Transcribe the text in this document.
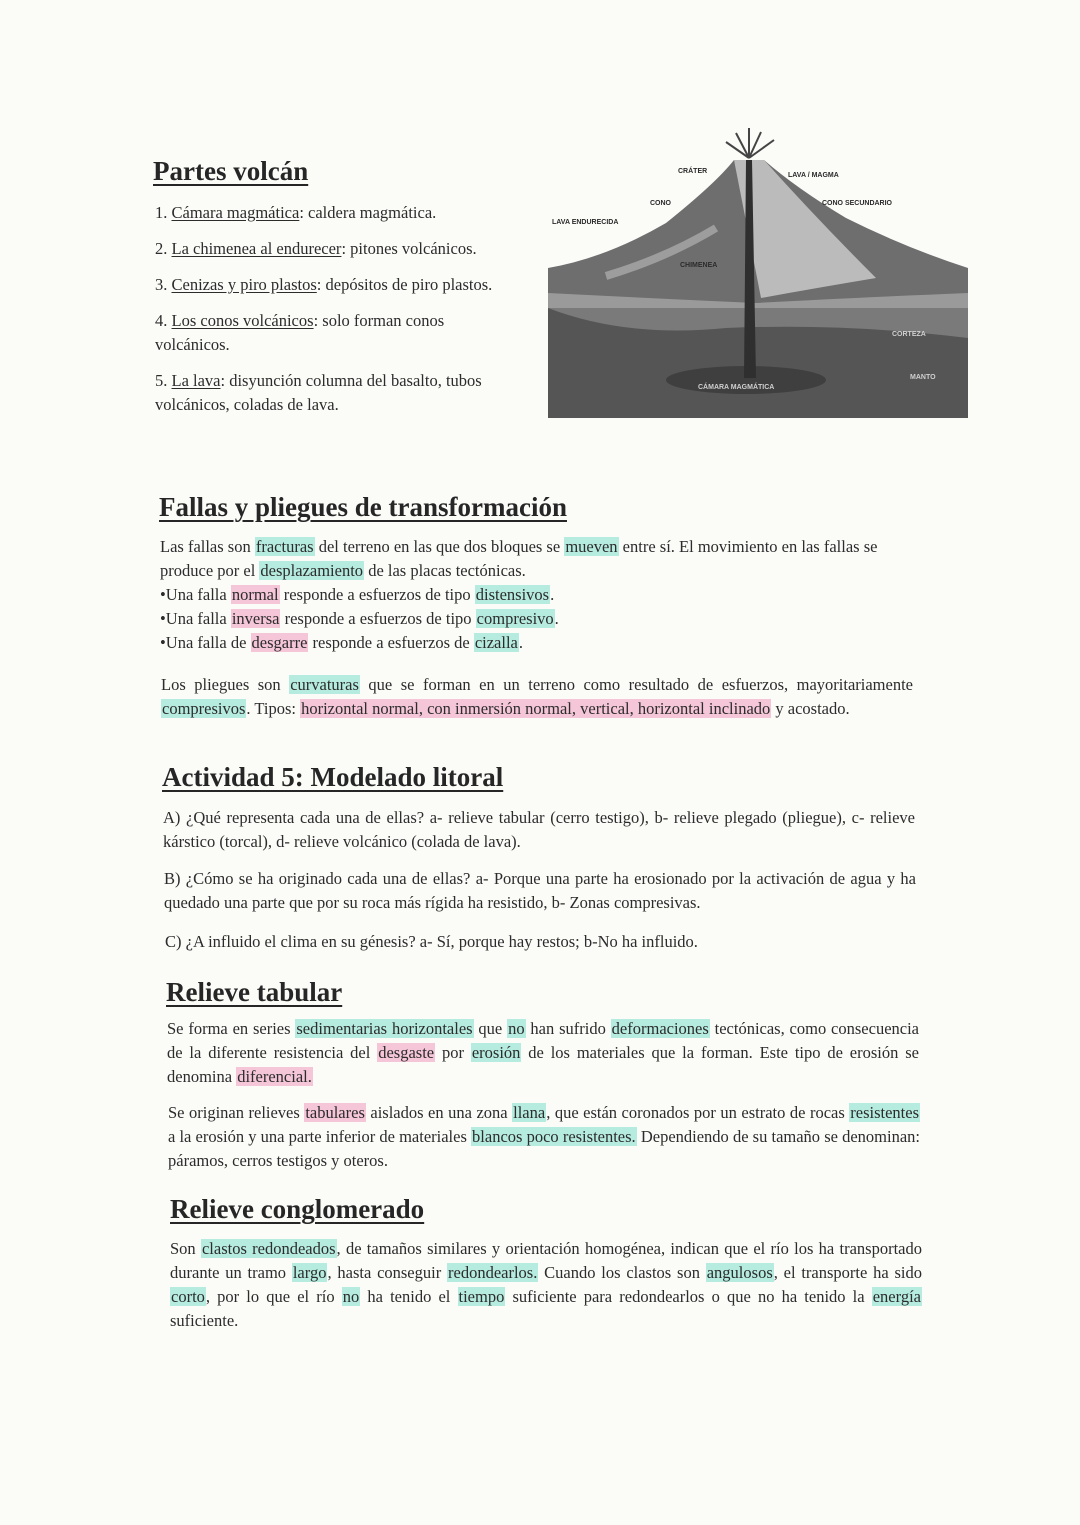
Partes volcán

1. Cámara magmática: caldera magmática.

2. La chimenea al endurecer: pitones volcánicos.

3. Cenizas y piro plastos: depósitos de piro plastos.

4. Los conos volcánicos: solo forman conos volcánicos.

5. La lava: disyunción columna del basalto, tubos volcánicos, coladas de lava.

CRÁTER
LAVA / MAGMA
CONO	CONO SECUNDARIO
LAVA ENDURECIDA
CHIMENEA
CORTEZA
MANTO
CÁMARA MAGMÁTICA
Fallas y pliegues de transformación

Las fallas son fracturas del terreno en las que dos bloques se mueven entre sí. El movimiento en las fallas se produce por el desplazamiento de las placas tectónicas.

•Una falla normal responde a esfuerzos de tipo distensivos.

•Una falla inversa responde a esfuerzos de tipo compresivo.

•Una falla de desgarre responde a esfuerzos de cizalla.

Los pliegues son curvaturas que se forman en un terreno como resultado de esfuerzos, mayoritariamente compresivos. Tipos: horizontal normal, con inmersión normal, vertical, horizontal inclinado y acostado.

Actividad 5: Modelado litoral

A) ¿Qué representa cada una de ellas? a- relieve tabular (cerro testigo), b- relieve plegado (pliegue), c- relieve kárstico (torcal), d- relieve volcánico (colada de lava).

B) ¿Cómo se ha originado cada una de ellas? a- Porque una parte ha erosionado por la activación de agua y ha quedado una parte que por su roca más rígida ha resistido, b- Zonas compresivas.

C) ¿A influido el clima en su génesis? a- Sí, porque hay restos; b-No ha influido.

Relieve tabular

Se forma en series sedimentarias horizontales que no han sufrido deformaciones tectónicas, como consecuencia de la diferente resistencia del desgaste por erosión de los materiales que la forman. Este tipo de erosión se denomina diferencial.

Se originan relieves tabulares aislados en una zona llana, que están coronados por un estrato de rocas resistentes a la erosión y una parte inferior de materiales blancos poco resistentes. Dependiendo de su tamaño se denominan: páramos, cerros testigos y oteros.

Relieve conglomerado

Son clastos redondeados, de tamaños similares y orientación homogénea, indican que el río los ha transportado durante un tramo largo, hasta conseguir redondearlos. Cuando los clastos son angulosos, el transporte ha sido corto, por lo que el río no ha tenido el tiempo suficiente para redondearlos o que no ha tenido la energía suficiente.
